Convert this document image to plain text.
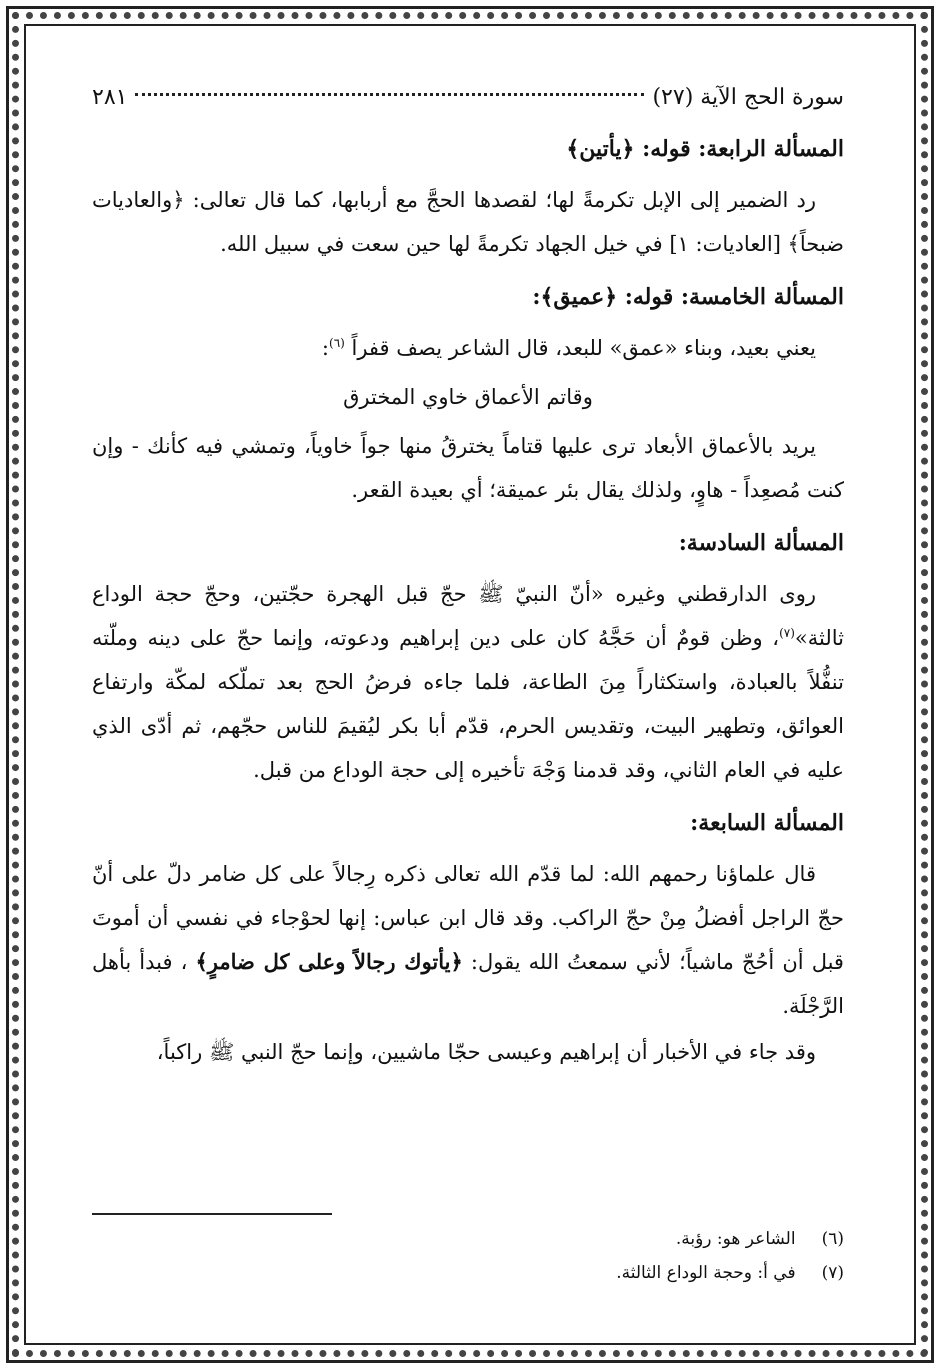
سورة الحج الآية (٢٧)
٢٨١
المسألة الرابعة: قوله: ﴿يأتين﴾

رد الضمير إلى الإبل تكرمةً لها؛ لقصدها الحجَّ مع أربابها، كما قال تعالى: ﴿والعاديات ضبحاً﴾ [العاديات: ١] في خيل الجهاد تكرمةً لها حين سعت في سبيل الله.

المسألة الخامسة: قوله: ﴿عميق﴾:

يعني بعيد، وبناء «عمق» للبعد، قال الشاعر يصف قفراً $^{(٦)}$:

وقاتم الأعماق خاوي المخترق

يريد بالأعماق الأبعاد ترى عليها قتاماً يخترقُ منها جواً خاوياً، وتمشي فيه كأنك - وإن كنت مُصعِداً - هاوٍ، ولذلك يقال بئر عميقة؛ أي بعيدة القعر.

المسألة السادسة:

روى الدارقطني وغيره «أنّ النبيّ ﷺ حجّ قبل الهجرة حجّتين، وحجّ حجة الوداع ثالثة»$^{(٧)}$، وظن قومٌ أن حَجَّهُ كان على دين إبراهيم ودعوته، وإنما حجّ على دينه وملّته تنفُّلاً بالعبادة، واستكثاراً مِنَ الطاعة، فلما جاءه فرضُ الحج بعد تملّكه لمكّة وارتفاع العوائق، وتطهير البيت، وتقديس الحرم، قدّم أبا بكر ليُقيمَ للناس حجّهم، ثم أدّى الذي عليه في العام الثاني، وقد قدمنا وَجْهَ تأخيره إلى حجة الوداع من قبل.

المسألة السابعة:

قال علماؤنا رحمهم الله: لما قدّم الله تعالى ذكره رِجالاً على كل ضامر دلّ على أنّ حجّ الراجل أفضلُ مِنْ حجّ الراكب. وقد قال ابن عباس: إنها لحوْجاء في نفسي أن أموتَ قبل أن أحُجّ ماشياً؛ لأني سمعتُ الله يقول: ﴿يأتوك رجالاً وعلى كل ضامرٍ﴾ ، فبدأ بأهل الرَّجْلَة.

وقد جاء في الأخبار أن إبراهيم وعيسى حجّا ماشيين، وإنما حجّ النبي ﷺ راكباً،

(٦)
الشاعر هو: رؤبة.
(٧)
في أ: وحجة الوداع الثالثة.
